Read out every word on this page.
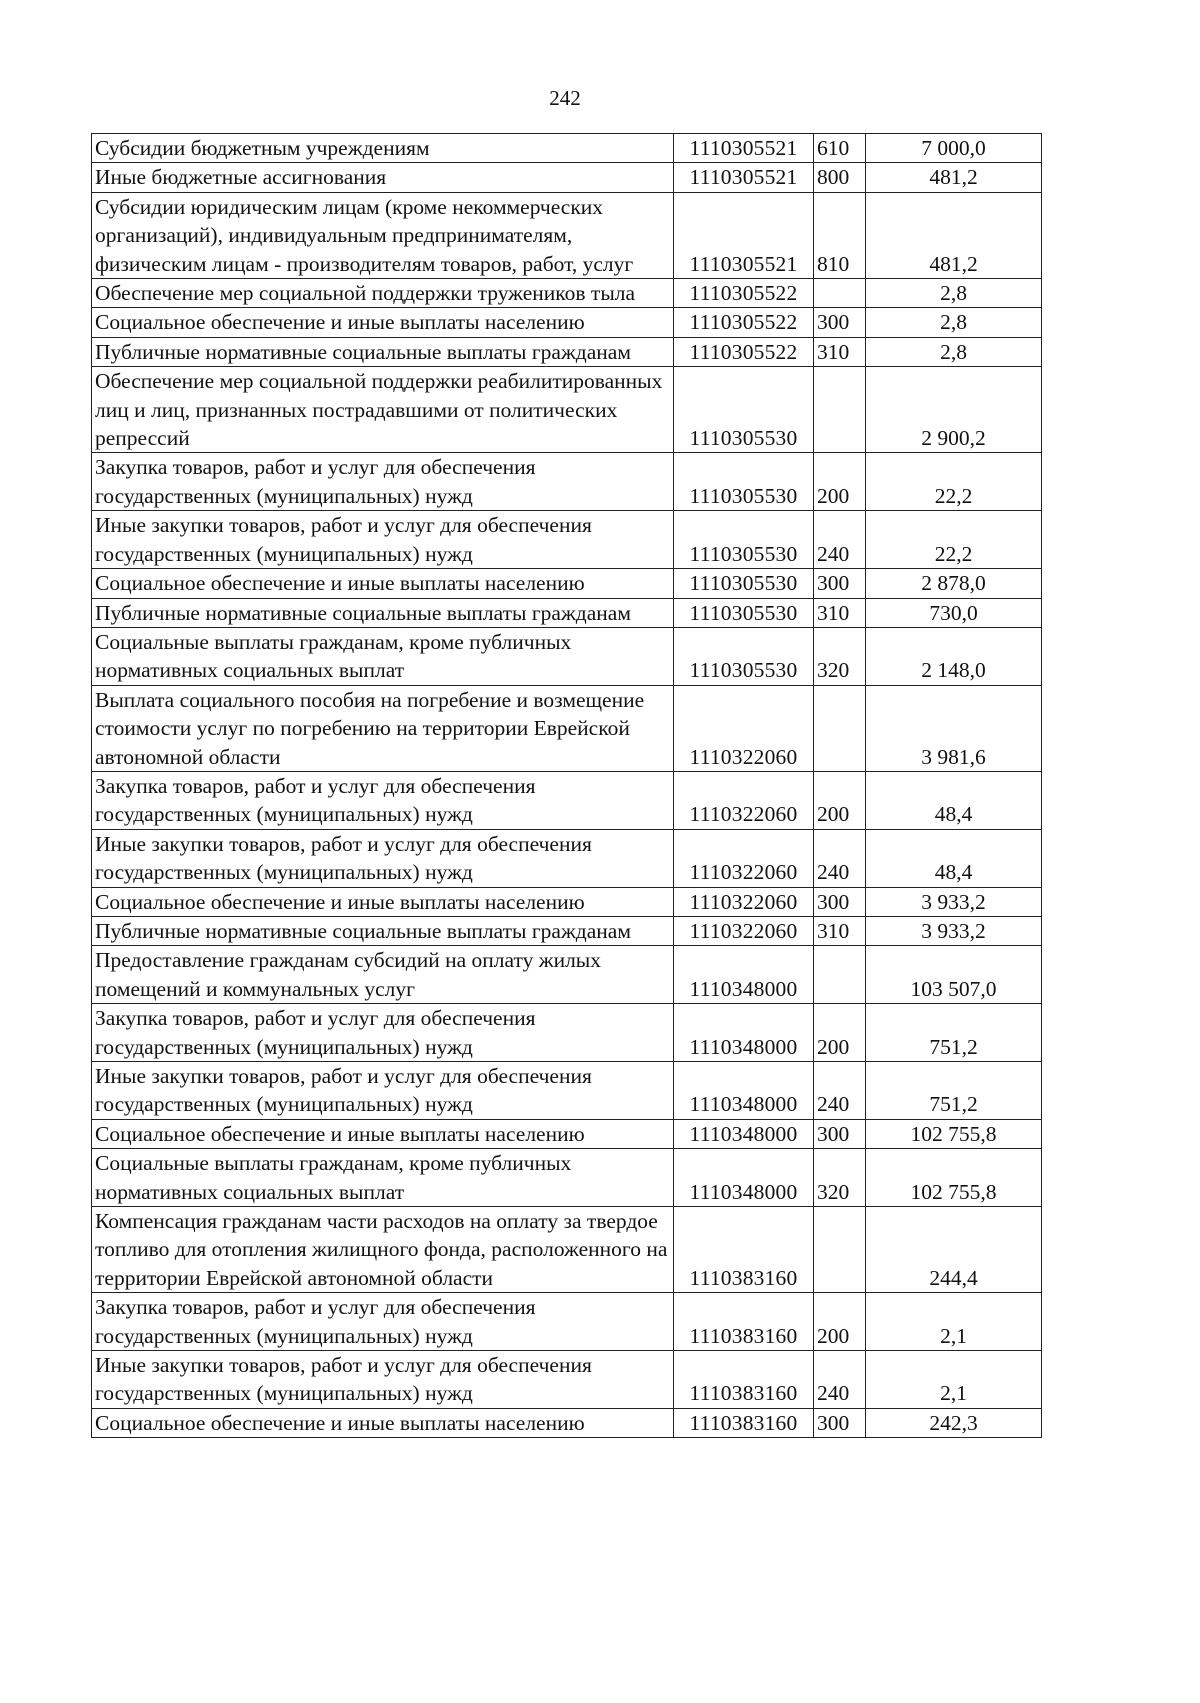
242
Субсидии бюджетным учреждениям	1110305521	610	7 000,0
Иные бюджетные ассигнования	1110305521	800	481,2
Субсидии юридическим лицам (кроме некоммерческих организаций), индивидуальным предпринимателям, физическим лицам - производителям товаров, работ, услуг	1110305521	810	481,2
Обеспечение мер социальной поддержки тружеников тыла	1110305522		2,8
Социальное обеспечение и иные выплаты населению	1110305522	300	2,8
Публичные нормативные социальные выплаты гражданам	1110305522	310	2,8
Обеспечение мер социальной поддержки реабилитированных лиц и лиц, признанных пострадавшими от политических репрессий	1110305530		2 900,2
Закупка товаров, работ и услуг для обеспечения государственных (муниципальных) нужд	1110305530	200	22,2
Иные закупки товаров, работ и услуг для обеспечения государственных (муниципальных) нужд	1110305530	240	22,2
Социальное обеспечение и иные выплаты населению	1110305530	300	2 878,0
Публичные нормативные социальные выплаты гражданам	1110305530	310	730,0
Социальные выплаты гражданам, кроме публичных нормативных социальных выплат	1110305530	320	2 148,0
Выплата социального пособия на погребение и возмещение стоимости услуг по погребению на территории Еврейской автономной области	1110322060		3 981,6
Закупка товаров, работ и услуг для обеспечения государственных (муниципальных) нужд	1110322060	200	48,4
Иные закупки товаров, работ и услуг для обеспечения государственных (муниципальных) нужд	1110322060	240	48,4
Социальное обеспечение и иные выплаты населению	1110322060	300	3 933,2
Публичные нормативные социальные выплаты гражданам	1110322060	310	3 933,2
Предоставление гражданам субсидий на оплату жилых помещений и коммунальных услуг	1110348000		103 507,0
Закупка товаров, работ и услуг для обеспечения государственных (муниципальных) нужд	1110348000	200	751,2
Иные закупки товаров, работ и услуг для обеспечения государственных (муниципальных) нужд	1110348000	240	751,2
Социальное обеспечение и иные выплаты населению	1110348000	300	102 755,8
Социальные выплаты гражданам, кроме публичных нормативных социальных выплат	1110348000	320	102 755,8
Компенсация гражданам части расходов на оплату за твердое топливо для отопления жилищного фонда, расположенного на территории Еврейской автономной области	1110383160		244,4
Закупка товаров, работ и услуг для обеспечения государственных (муниципальных) нужд	1110383160	200	2,1
Иные закупки товаров, работ и услуг для обеспечения государственных (муниципальных) нужд	1110383160	240	2,1
Социальное обеспечение и иные выплаты населению	1110383160	300	242,3
